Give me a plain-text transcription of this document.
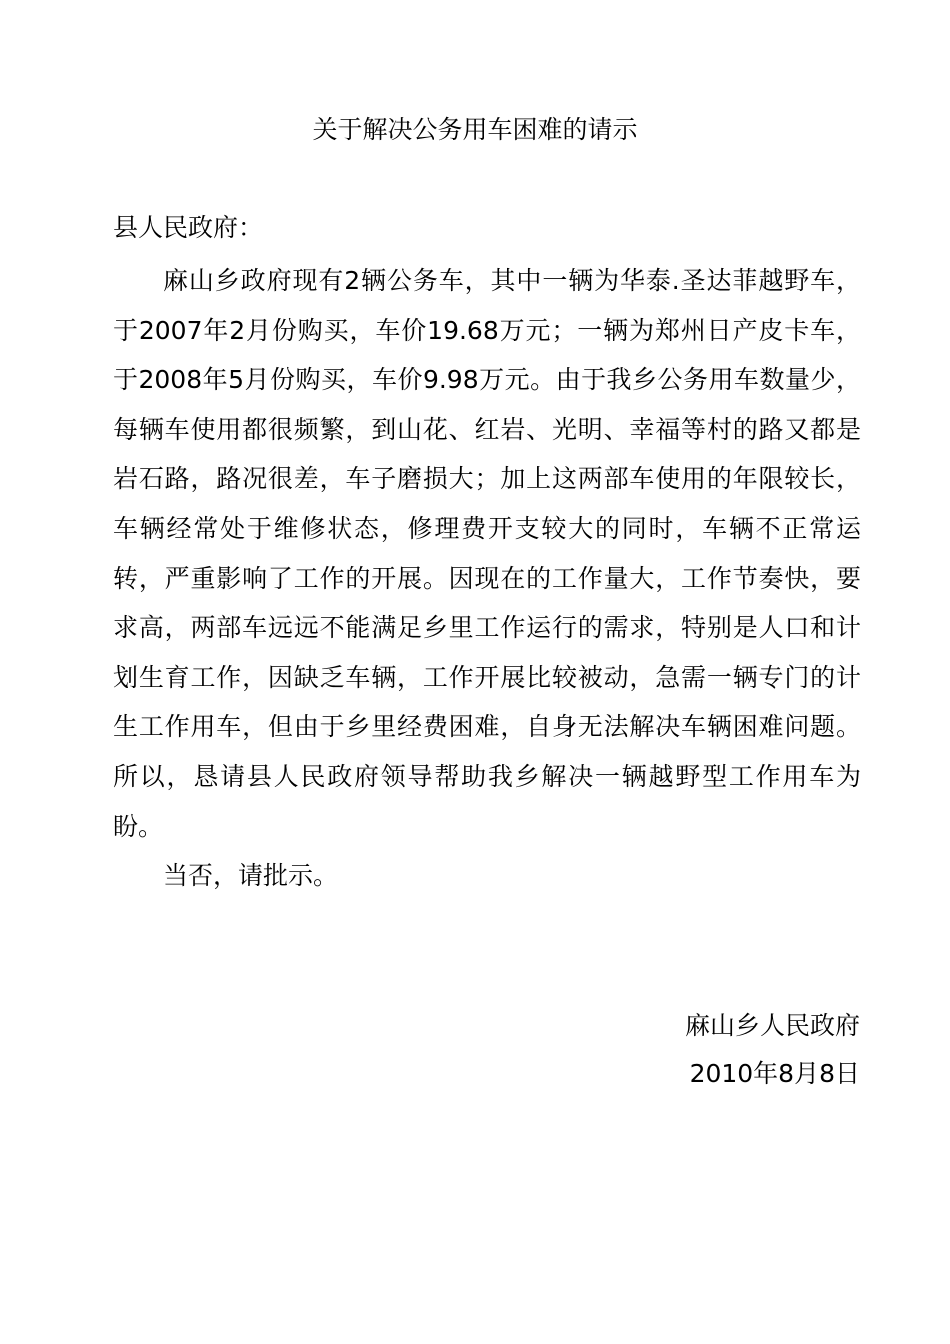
关于解决公务用车困难的请示
县人民政府：

麻山乡政府现有2辆公务车，其中一辆为华泰.圣达菲越野车，于2007年2月份购买，车价19.68万元；一辆为郑州日产皮卡车，于2008年5月份购买，车价9.98万元。由于我乡公务用车数量少，每辆车使用都很频繁，到山花、红岩、光明、幸福等村的路又都是岩石路，路况很差，车子磨损大；加上这两部车使用的年限较长，车辆经常处于维修状态，修理费开支较大的同时，车辆不正常运转，严重影响了工作的开展。因现在的工作量大，工作节奏快，要求高，两部车远远不能满足乡里工作运行的需求，特别是人口和计划生育工作，因缺乏车辆，工作开展比较被动，急需一辆专门的计生工作用车，但由于乡里经费困难，自身无法解决车辆困难问题。所以，恳请县人民政府领导帮助我乡解决一辆越野型工作用车为盼。

当否，请批示。

麻山乡人民政府
2010年8月8日
